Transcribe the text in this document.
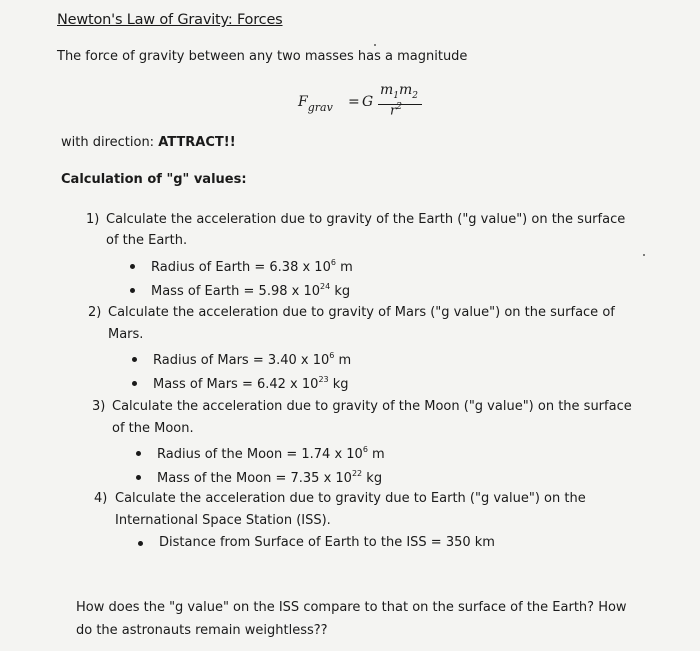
Newton's Law of Gravity: Forces
The force of gravity between any two masses has a magnitude
$F_{grav} = G$
$m_1m_2$
$r^2$
with direction: ATTRACT!!
Calculation of "g" values:
1) Calculate the acceleration due to gravity of the Earth ("g value") on the surface
of the Earth.
Radius of Earth = 6.38 x $10^6$ m
Mass of Earth = 5.98 x $10^{24}$ kg
2) Calculate the acceleration due to gravity of Mars ("g value") on the surface of
Mars.
Radius of Mars = 3.40 x $10^6$ m
Mass of Mars = 6.42 x $10^{23}$ kg
3) Calculate the acceleration due to gravity of the Moon ("g value") on the surface
of the Moon.
Radius of the Moon = 1.74 x $10^6$ m
Mass of the Moon = 7.35 x $10^{22}$ kg
4) Calculate the acceleration due to gravity due to Earth ("g value") on the
International Space Station (ISS).
Distance from Surface of Earth to the ISS = 350 km
How does the "g value" on the ISS compare to that on the surface of the Earth? How
do the astronauts remain weightless??
